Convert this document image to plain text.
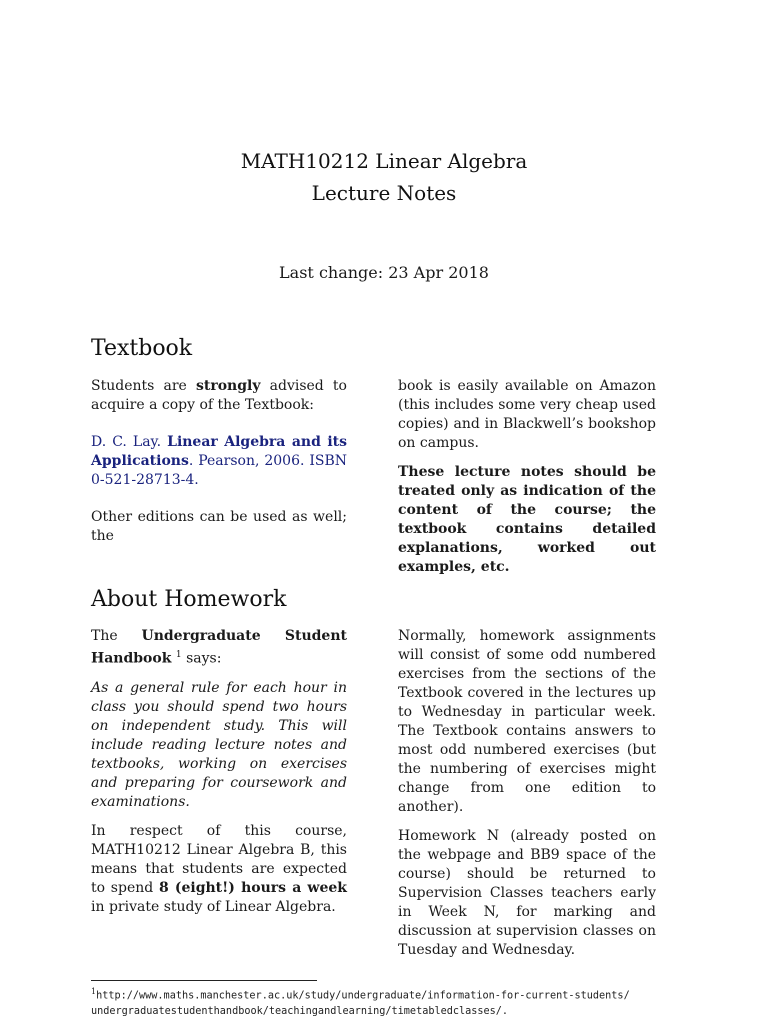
MATH10212 Linear Algebra
Lecture Notes
Last change: 23 Apr 2018
Textbook

Students are strongly advised to acquire a copy of the Textbook:

D. C. Lay. Linear Algebra and its Applications. Pearson, 2006. ISBN 0-521-28713-4.

Other editions can be used as well; the

book is easily available on Amazon (this includes some very cheap used copies) and in Blackwell’s bookshop on campus.

These lecture notes should be treated only as indication of the content of the course; the textbook contains detailed explanations, worked out examples, etc.

About Homework

The Undergraduate Student Handbook $^1$ says:

As a general rule for each hour in class you should spend two hours on independent study. This will include reading lecture notes and textbooks, working on exercises and preparing for coursework and examinations.

In respect of this course, MATH10212 Linear Algebra B, this means that students are expected to spend 8 (eight!) hours a week in private study of Linear Algebra.

Normally, homework assignments will consist of some odd numbered exercises from the sections of the Textbook covered in the lectures up to Wednesday in particular week. The Textbook contains answers to most odd numbered exercises (but the numbering of exercises might change from one edition to another).

Homework N (already posted on the webpage and BB9 space of the course) should be returned to Supervision Classes teachers early in Week N, for marking and discussion at supervision classes on Tuesday and Wednesday.

$^1$http://www.maths.manchester.ac.uk/study/undergraduate/information-for-current-students/
undergraduatestudenthandbook/teachingandlearning/timetabledclasses/.
